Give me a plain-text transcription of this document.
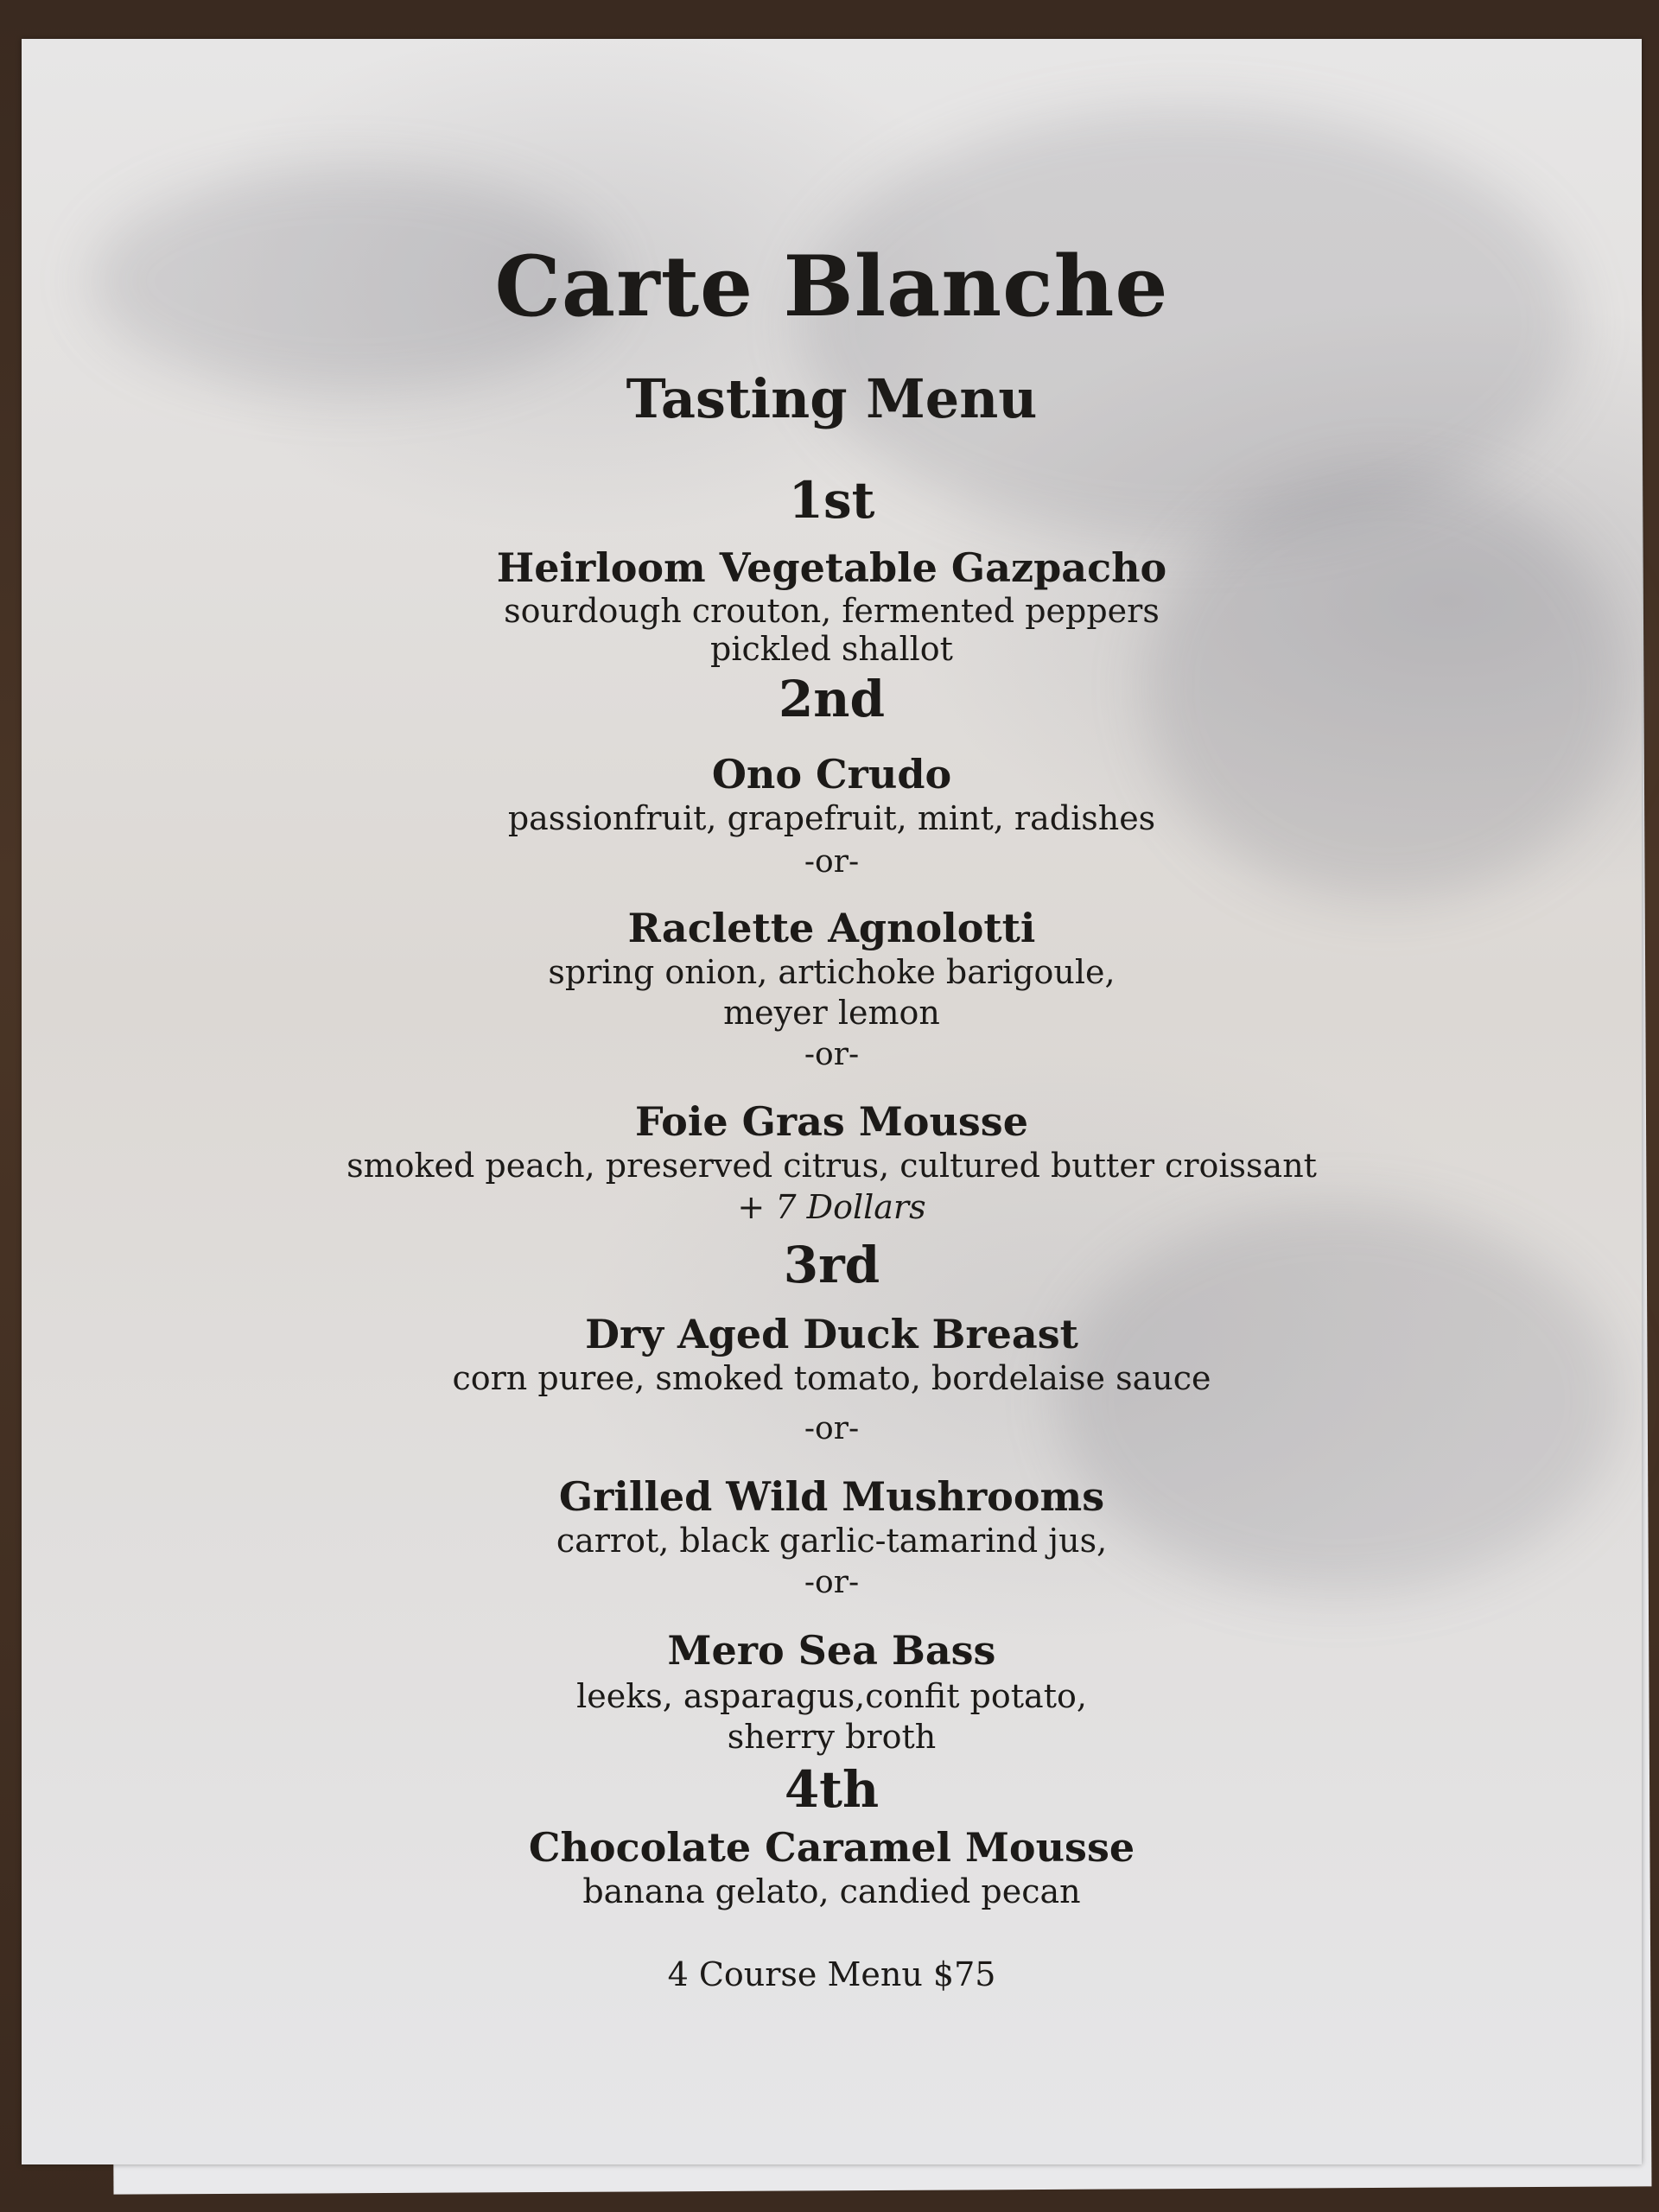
Carte Blanche
Tasting Menu
1st
Heirloom Vegetable Gazpacho
sourdough crouton, fermented peppers
pickled shallot
2nd
Ono Crudo
passionfruit, grapefruit, mint, radishes
-or-
Raclette Agnolotti
spring onion, artichoke barigoule,
meyer lemon
-or-
Foie Gras Mousse
smoked peach, preserved citrus, cultured butter croissant
+ 7 Dollars
3rd
Dry Aged Duck Breast
corn puree, smoked tomato, bordelaise sauce
-or-
Grilled Wild Mushrooms
carrot, black garlic-tamarind jus,
-or-
Mero Sea Bass
leeks, asparagus,confit potato,
sherry broth
4th
Chocolate Caramel Mousse
banana gelato, candied pecan
4 Course Menu $75
